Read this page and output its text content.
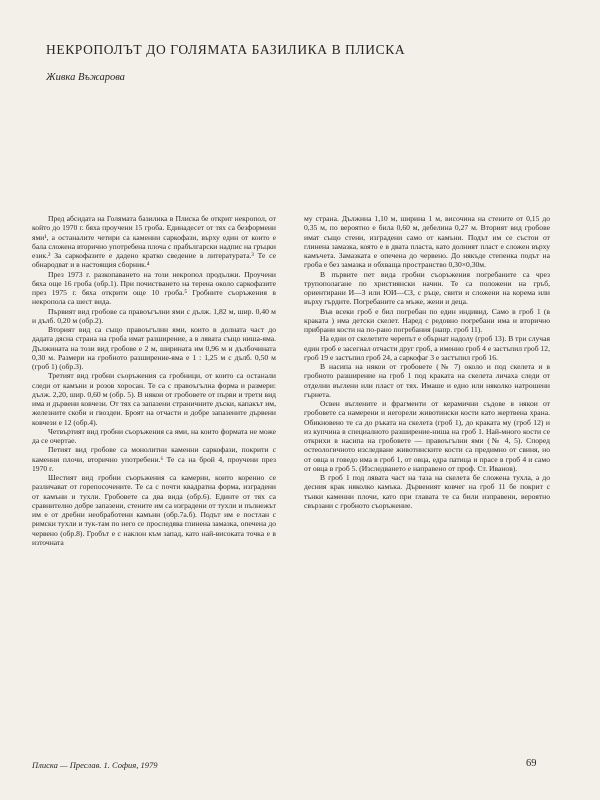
НЕКРОПОЛЪТ ДО ГОЛЯМАТА БАЗИЛИКА В ПЛИСКА
Живка Въжарова

Пред абсидата на Голямата базилика в Плиска бе открит некропол, от който до 1970 г. бяха проучени 15 гроба. Единадесет от тях са безформени ями¹, а останалите четири са каменни саркофази, върху един от които е бала сложена вторично употребена плоча с прабългарски надпис на гръцки език.² За саркофазите е дадено кратко сведение в литературата.³ Те се обнародват и в настоящия сборник.⁴

През 1973 г. разкопаването на този некропол продължи. Проучени бяха още 16 гроба (обр.1). При почистването на терена около саркофазите през 1975 г. бяха открити още 10 гроба.⁵ Гробните съоръжения в некропола са шест вида.

Първият вид гробове са правоъгълни ями с дълж. 1,82 м, шир. 0,40 м и дълб. 0,20 м (обр.2).

Вторият вид са също правоъгълни ями, които в долната част до дадата дясна страна на гроба имат разширение, а в лявата също ниша-яма. Дължината на този вид гробове е 2 м, ширината им 0,96 м и дълбочината 0,30 м. Размери на гробното разширение-яма е 1 : 1,25 м с дълб. 0,50 м (гроб 1) (обр.3).

Третият вид гробни съоръжения са гробници, от които са останали следи от камъни и розов хоросан. Те са с правоъгълна форма и размери: дълж. 2,20, шир. 0,60 м (обр. 5). В някои от гробовете от първи и трети вид има и дървени ковчези. От тях са запазени страничните дъски, капакът им, железните скоби и гвоздеи. Броят на отчасти и добре запазените дървени ковчези е 12 (обр.4).

Четвъртият вид гробни съоръжения са ями, на които формата не може да се очертае.

Петият вид гробове са монолитни каменни саркофази, покрити с каменни плочи, вторично употребени.⁶ Те са на брой 4, проучени през 1970 г.

Шестият вид гробни съоръжения са камерни, които коренно се различават от горепосочените. Те са с почти квадратна форма, изградени от камъни и тухли. Гробовете са два вида (обр.6). Единте от тях са сравнително добре запазени, стените им са изградени от тухли и пълнежът им е от дребни необработени камъни (обр.7а.б). Подът им е постлан с римски тухли и тук-там по него се проследява глинена замазка, опечена до червено (обр.8). Гробът е с наклон към запад, като най-високата точка е в източната

му страна. Дължина 1,10 м, ширина 1 м, височина на стените от 0,15 до 0,35 м, по вероятно е била 0,60 м, дебелина 0,27 м. Вторият вид гробове имат също стени, изградени само от камъни. Подът им се състои от глинена замазка, която е в двата пласта, като долният пласт е сложен върху камъчета. Замазката е опечена до червено. До някъде степенка подът на гроба е без замазка и обхваща пространство 0,30×0,30м.

В първите пет вида гробни съоръжения погребаните са чрез трупополагане по християнски начин. Те са положени на гръб, ориентирани И—З или ЮИ—СЗ, с ръце, свити и сложени на корема или върху гърдите. Погребаните са мъже, жени и деца.

Във всеки гроб е бил погребан по един индивид. Само в гроб 1 (в краката ) има детски скелет. Наред с редовно погребани има и вторично прибрани кости на по-рано погребания (напр. гроб 11).

На едни от скелетите черепът е обърнат надолу (гроб 13). В три случая един гроб е засегнал отчасти друг гроб, а именно гроб 4 е застъпил гроб 12, гроб 19 е застъпил гроб 24, а саркофаг 3 е застъпил гроб 16.

В насипа на някои от гробовете (№ 7) около и под скелета и в гробното разширение на гроб 1 под краката на скелета личаха следи от отделни въглени или пласт от тях. Имаше и едно или няколко натрошени гърнета.

Освен въглените и фрагменти от керамични съдове в някои от гробовете са намерени и негорели животински кости като жертвена храна. Обикновено те са до ръката на скелета (гроб 1), до краката му (гроб 12) и из купчина в специалното разширение-ниша на гроб 1. Най-много кости се открихи в насипа на гробовете — правоъгълни ями (№ 4, 5). Според остеологичното изследване животинските кости са предимно от свиня, но от овца и говедо има в гроб 1, от овца, едра патица и прасе в гроб 4 и само от овца в гроб 5. (Изследването е направено от проф. Ст. Иванов).

В гроб 1 под лявата част на таза на скелета бе сложена тухла, а до десния крак няколко камъка. Дървеният ковчег на гроб 11 бе покрит с тънки каменни плочи, като при главата те са били изправени, вероятно свързани с гробното съоръжение.

Плиска — Преслав. 1. София, 1979	69
